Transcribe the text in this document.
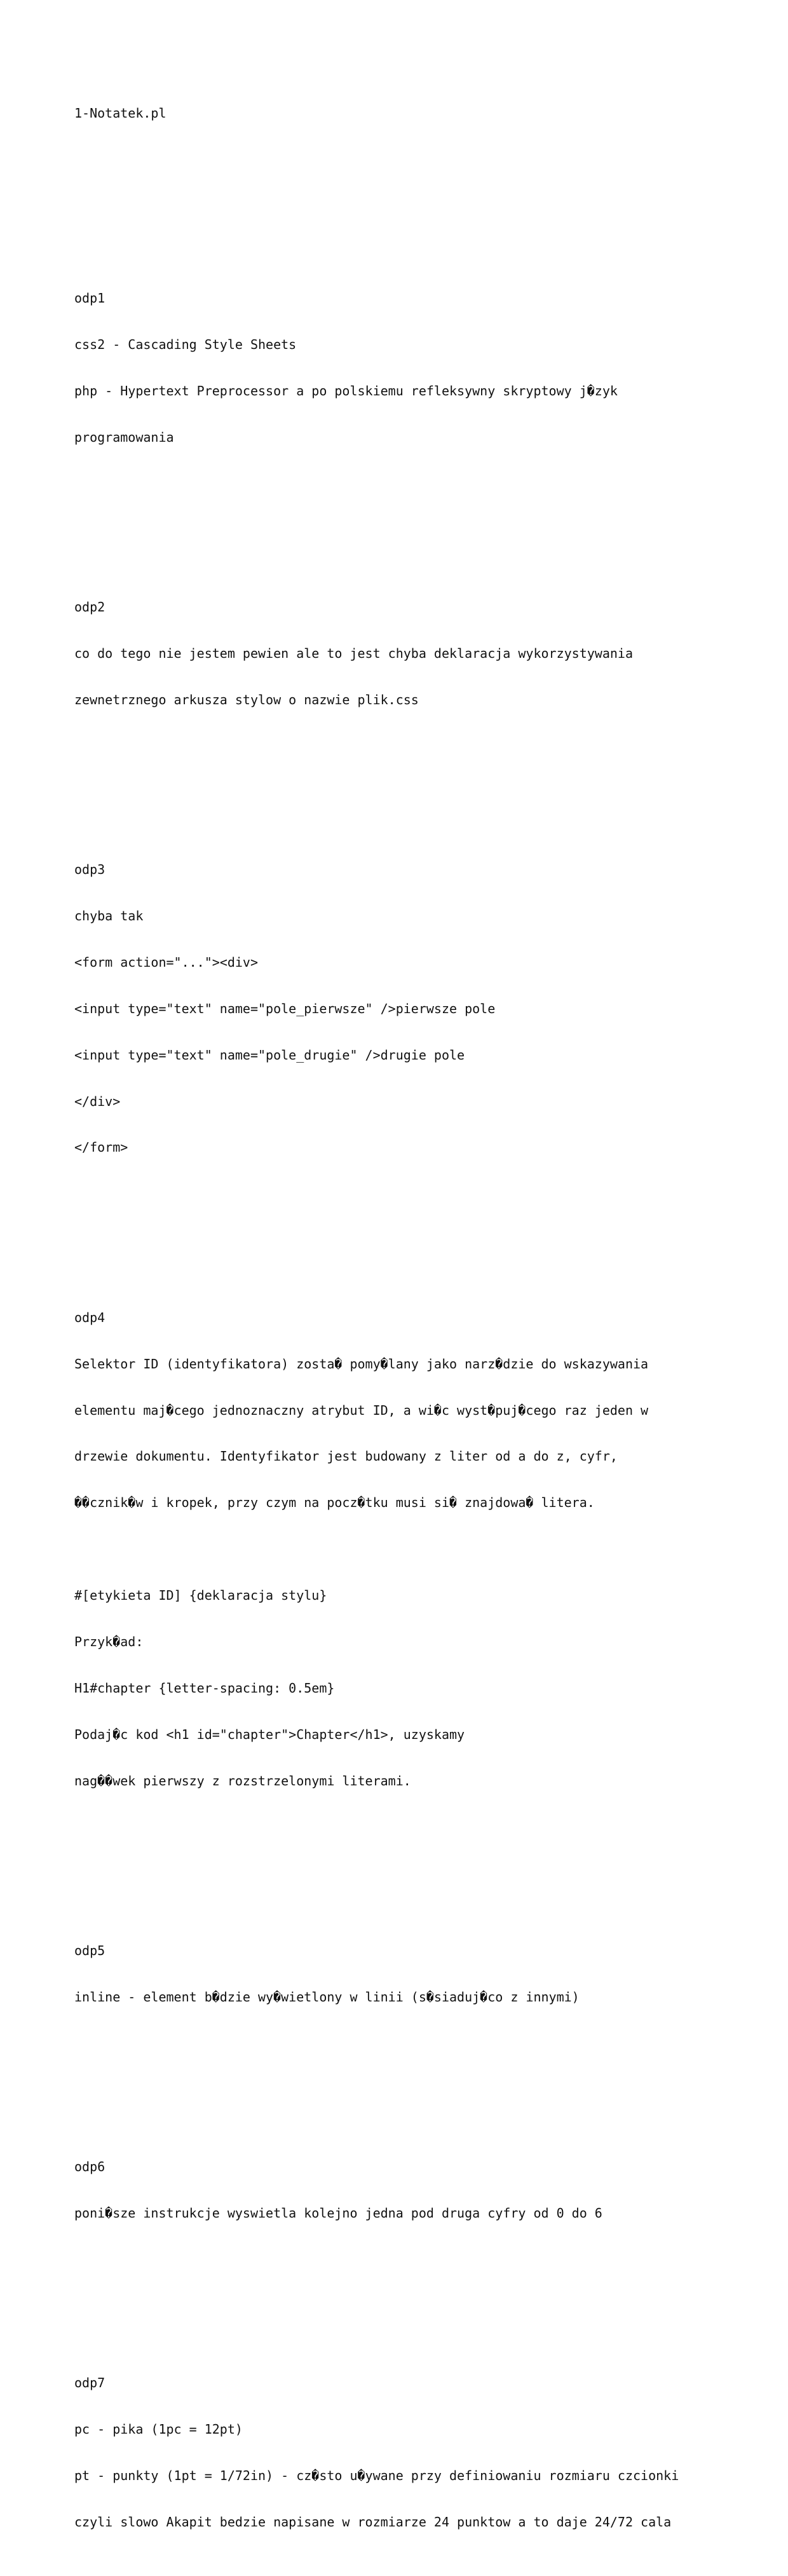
1-Notatek.pl

odp1

css2 - Cascading Style Sheets

php - Hypertext Preprocessor a po polskiemu refleksywny skryptowy j�zyk

programowania

odp2

co do tego nie jestem pewien ale to jest chyba deklaracja wykorzystywania

zewnetrznego arkusza stylow o nazwie plik.css

odp3

chyba tak

<form action="..."><div>

<input type="text" name="pole_pierwsze" />pierwsze pole

<input type="text" name="pole_drugie" />drugie pole

</div>

</form>

odp4

Selektor ID (identyfikatora) zosta� pomy�lany jako narz�dzie do wskazywania

elementu maj�cego jednoznaczny atrybut ID, a wi�c wyst�puj�cego raz jeden w

drzewie dokumentu. Identyfikator jest budowany z liter od a do z, cyfr,

��cznik�w i kropek, przy czym na pocz�tku musi si� znajdowa� litera.

#[etykieta ID] {deklaracja stylu}

Przyk�ad:

H1#chapter {letter-spacing: 0.5em}

Podaj�c kod <h1 id="chapter">Chapter</h1>, uzyskamy

nag��wek pierwszy z rozstrzelonymi literami.

odp5

inline - element b�dzie wy�wietlony w linii (s�siaduj�co z innymi)

odp6

poni�sze instrukcje wyswietla kolejno jedna pod druga cyfry od 0 do 6

odp7

pc - pika (1pc = 12pt)

pt - punkty (1pt = 1/72in) - cz�sto u�ywane przy definiowaniu rozmiaru czcionki

czyli slowo Akapit bedzie napisane w rozmiarze 24 punktow a to daje 24/72 cala
